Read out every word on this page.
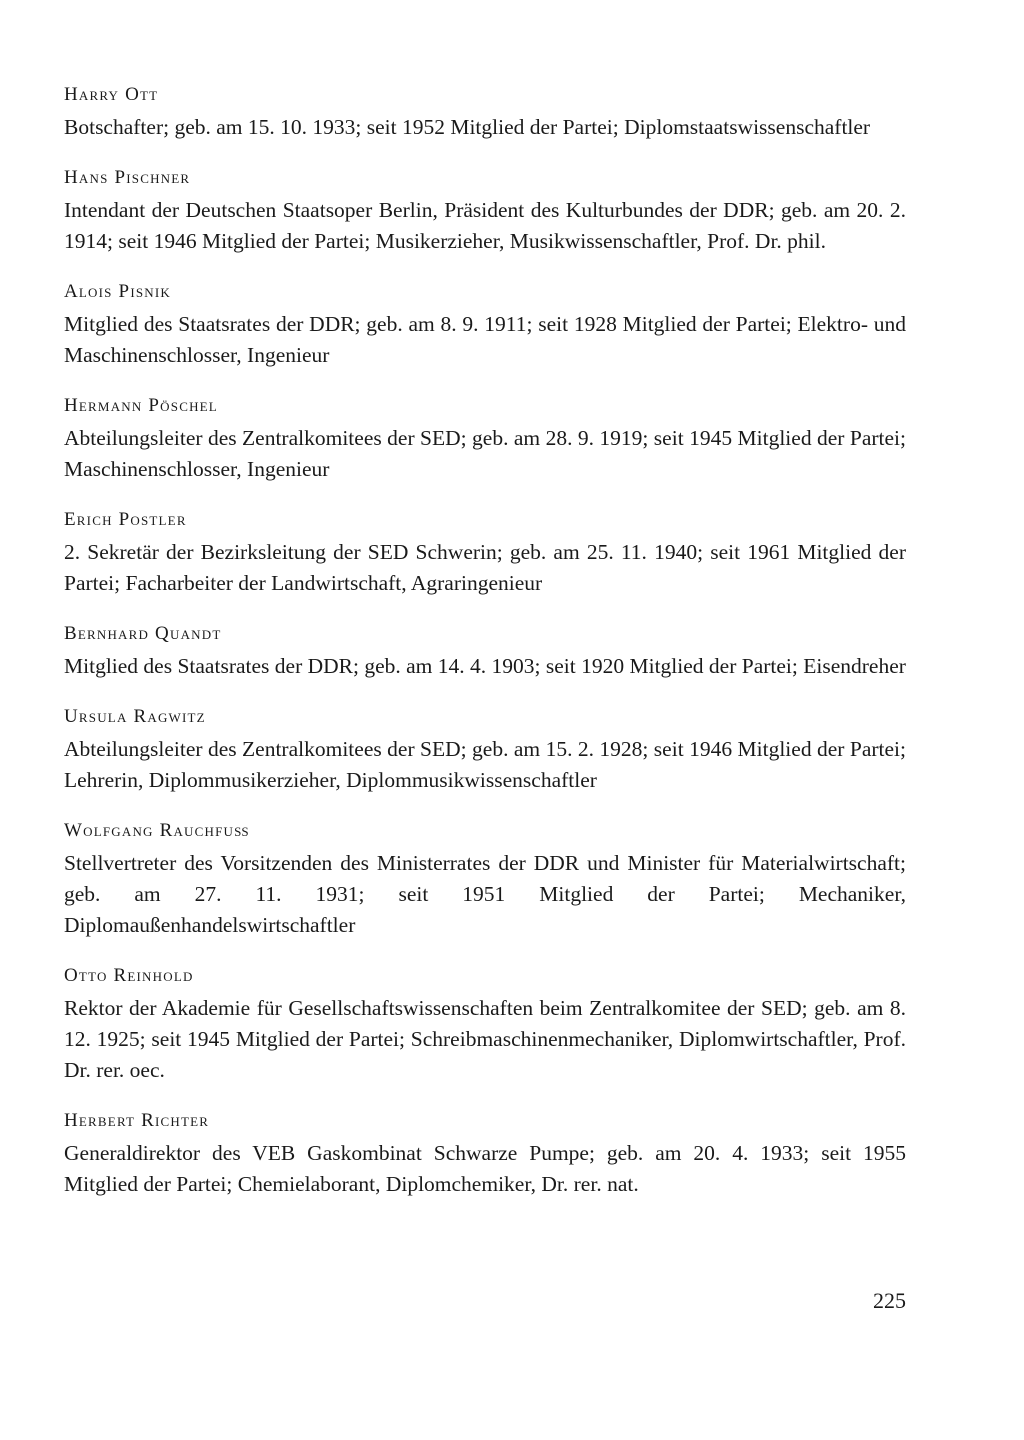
Harry Ott

Botschafter; geb. am 15. 10. 1933; seit 1952 Mitglied der Partei; Diplomstaatswissenschaftler

Hans Pischner

Intendant der Deutschen Staatsoper Berlin, Präsident des Kulturbundes der DDR; geb. am 20. 2. 1914; seit 1946 Mitglied der Partei; Musikerzieher, Musikwissenschaftler, Prof. Dr. phil.

Alois Pisnik

Mitglied des Staatsrates der DDR; geb. am 8. 9. 1911; seit 1928 Mitglied der Partei; Elektro- und Maschinenschlosser, Ingenieur

Hermann Pöschel

Abteilungsleiter des Zentralkomitees der SED; geb. am 28. 9. 1919; seit 1945 Mitglied der Partei; Maschinenschlosser, Ingenieur

Erich Postler

2. Sekretär der Bezirksleitung der SED Schwerin; geb. am 25. 11. 1940; seit 1961 Mitglied der Partei; Facharbeiter der Landwirtschaft, Agraringenieur

Bernhard Quandt

Mitglied des Staatsrates der DDR; geb. am 14. 4. 1903; seit 1920 Mitglied der Partei; Eisendreher

Ursula Ragwitz

Abteilungsleiter des Zentralkomitees der SED; geb. am 15. 2. 1928; seit 1946 Mitglied der Partei; Lehrerin, Diplommusikerzieher, Diplommusikwissenschaftler

Wolfgang Rauchfuß

Stellvertreter des Vorsitzenden des Ministerrates der DDR und Minister für Materialwirtschaft; geb. am 27. 11. 1931; seit 1951 Mitglied der Partei; Mechaniker, Diplomaußenhandelswirtschaftler

Otto Reinhold

Rektor der Akademie für Gesellschaftswissenschaften beim Zentralkomitee der SED; geb. am 8. 12. 1925; seit 1945 Mitglied der Partei; Schreibmaschinenmechaniker, Diplomwirtschaftler, Prof. Dr. rer. oec.

Herbert Richter

Generaldirektor des VEB Gaskombinat Schwarze Pumpe; geb. am 20. 4. 1933; seit 1955 Mitglied der Partei; Chemielaborant, Diplomchemiker, Dr. rer. nat.

225
